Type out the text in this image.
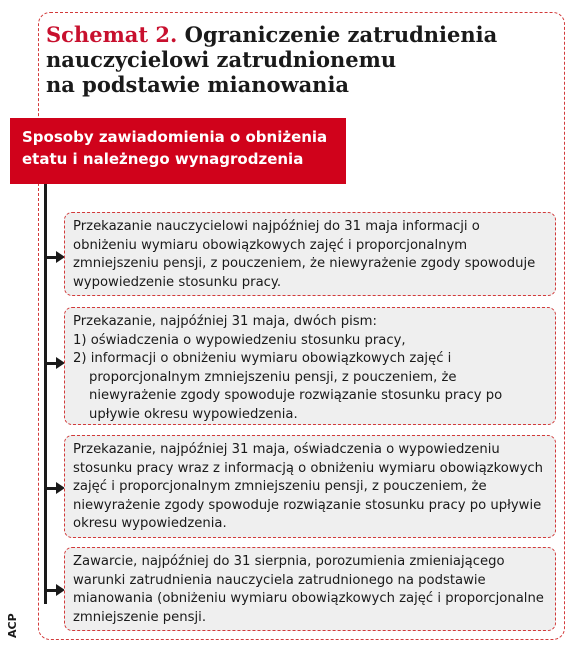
Schemat 2. Ograniczenie zatrudnienia
nauczycielowi zatrudnionemu
na podstawie mianowania
Sposoby zawiadomienia o obniżenia
etatu i należnego wynagrodzenia

Przekazanie nauczycielowi najpóźniej do 31 maja informacji o obniżeniu wymiaru obowiązkowych zajęć i proporcjonalnym zmniejszeniu pensji, z pouczeniem, że niewyrażenie zgody spowoduje wypowiedzenie stosunku pracy.

Przekazanie, najpóźniej 31 maja, dwóch pism:

1) oświadczenia o wypowiedzeniu stosunku pracy,
2) informacji o obniżeniu wymiaru obowiązkowych zajęć i proporcjonalnym zmniejszeniu pensji, z pouczeniem, że niewyrażenie zgody spowoduje rozwiązanie stosunku pracy po upływie okresu wypowiedzenia.

Przekazanie, najpóźniej 31 maja, oświadczenia o wypowiedzeniu stosunku pracy wraz z informacją o obniżeniu wymiaru obowiązkowych zajęć i proporcjonalnym zmniejszeniu pensji, z pouczeniem, że niewyrażenie zgody spowoduje rozwiązanie stosunku pracy po upływie okresu wypowiedzenia.

Zawarcie, najpóźniej do 31 sierpnia, porozumienia zmieniającego warunki zatrudnienia nauczyciela zatrudnionego na podstawie mianowania (obniżeniu wymiaru obowiązkowych zajęć i proporcjonalne zmniejszenie pensji.

ACP
